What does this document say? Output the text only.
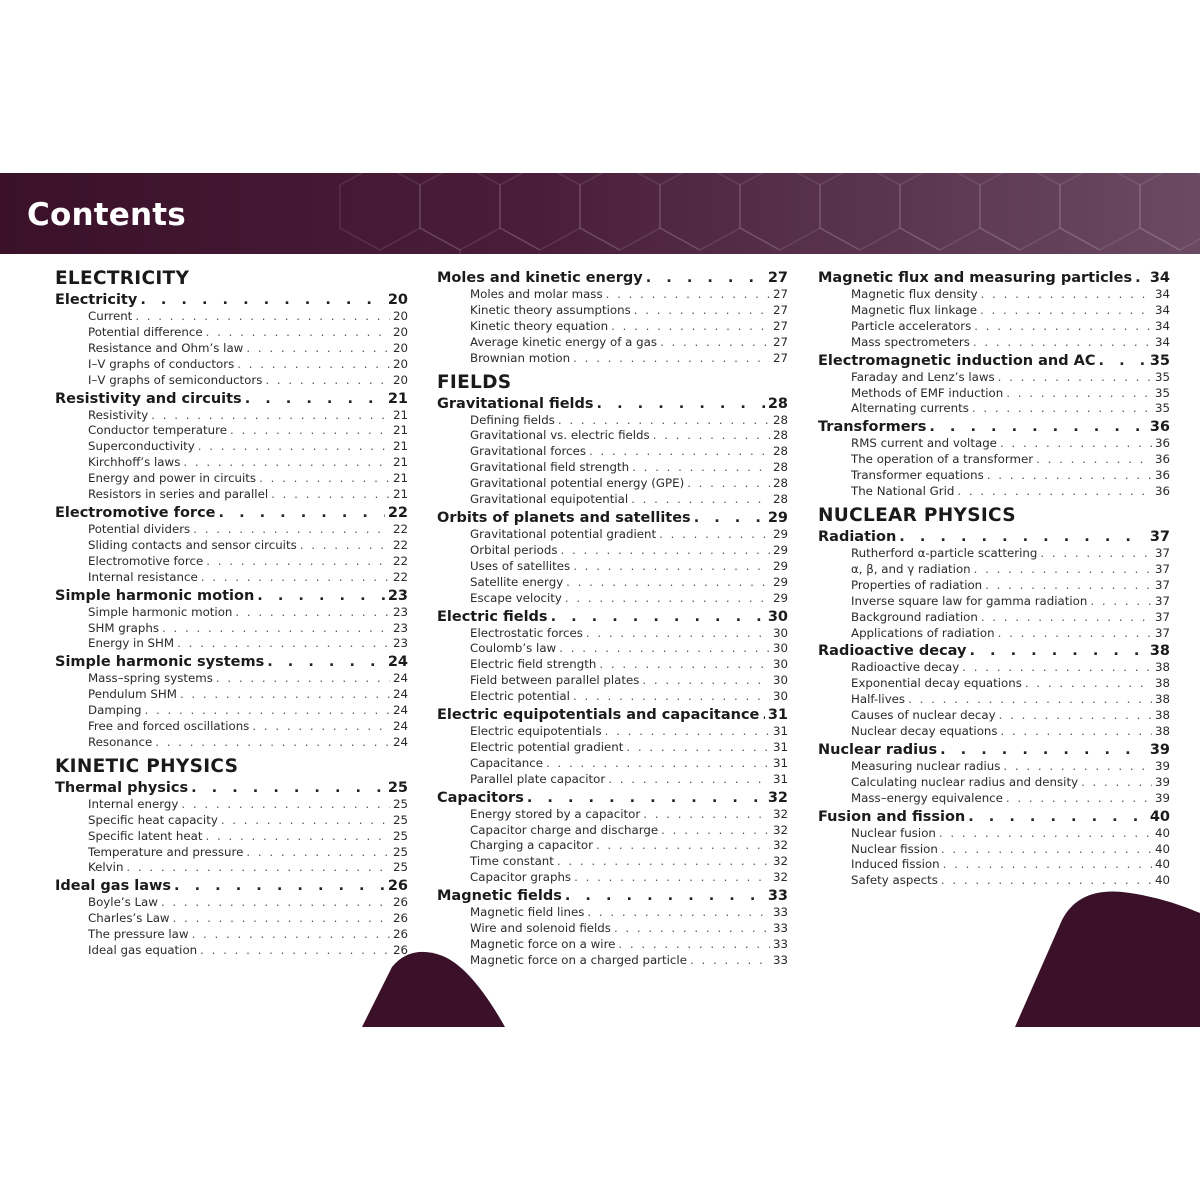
Contents
ELECTRICITY
Electricity . . .	20
Current . . .	20
Potential difference . . .	20
Resistance and Ohm’s law . . .	20
I–V graphs of conductors . . .	20
I–V graphs of semiconductors . . .	20
Resistivity and circuits . . .	21
Resistivity . . .	21
Conductor temperature . . .	21
Superconductivity . . .	21
Kirchhoff’s laws . . .	21
Energy and power in circuits . . .	21
Resistors in series and parallel . . .	21
Electromotive force . . .	22
Potential dividers . . .	22
Sliding contacts and sensor circuits . . .	22
Electromotive force . . .	22
Internal resistance . . .	22
Simple harmonic motion . . .	23
Simple harmonic motion . . .	23
SHM graphs . . .	23
Energy in SHM . . .	23
Simple harmonic systems . . .	24
Mass–spring systems . . .	24
Pendulum SHM . . .	24
Damping . . .	24
Free and forced oscillations . . .	24
Resonance . . .	24
KINETIC PHYSICS
Thermal physics . . .	25
Internal energy . . .	25
Specific heat capacity . . .	25
Specific latent heat . . .	25
Temperature and pressure . . .	25
Kelvin . . .	25
Ideal gas laws . . .	26
Boyle’s Law . . .	26
Charles’s Law . . .	26
The pressure law . . .	26
Ideal gas equation . . .	26
Moles and kinetic energy . . .	27
Moles and molar mass . . .	27
Kinetic theory assumptions . . .	27
Kinetic theory equation . . .	27
Average kinetic energy of a gas . . .	27
Brownian motion . . .	27
FIELDS
Gravitational fields . . .	28
Defining fields . . .	28
Gravitational vs. electric fields . . .	28
Gravitational forces . . .	28
Gravitational field strength . . .	28
Gravitational potential energy (GPE) . . .	28
Gravitational equipotential . . .	28
Orbits of planets and satellites . . .	29
Gravitational potential gradient . . .	29
Orbital periods . . .	29
Uses of satellites . . .	29
Satellite energy . . .	29
Escape velocity . . .	29
Electric fields . . .	30
Electrostatic forces . . .	30
Coulomb’s law . . .	30
Electric field strength . . .	30
Field between parallel plates . . .	30
Electric potential . . .	30
Electric equipotentials and capacitance . . . 31
Electric equipotentials . . .	31
Electric potential gradient . . .	31
Capacitance . . .	31
Parallel plate capacitor . . .	31
Capacitors . . .	32
Energy stored by a capacitor . . .	32
Capacitor charge and discharge . . .	32
Charging a capacitor . . .	32
Time constant . . .	32
Capacitor graphs . . .	32
Magnetic fields . . .	33
Magnetic field lines . . .	33
Wire and solenoid fields . . .	33
Magnetic force on a wire . . .	33
Magnetic force on a charged particle . . .	33
Magnetic flux and measuring particles . . . 34
Magnetic flux density . . .	34
Magnetic flux linkage . . .	34
Particle accelerators . . .	34
Mass spectrometers . . .	34
Electromagnetic induction and AC . . .	35
Faraday and Lenz’s laws . . .	35
Methods of EMF induction . . .	35
Alternating currents . . .	35
Transformers . . .	36
RMS current and voltage . . .	36
The operation of a transformer . . .	36
Transformer equations . . .	36
The National Grid . . .	36
NUCLEAR PHYSICS
Radiation . . .	37
Rutherford α-particle scattering . . .	37
α, β, and γ radiation . . .	37
Properties of radiation . . .	37
Inverse square law for gamma radiation . . .	37
Background radiation . . .	37
Applications of radiation . . .	37
Radioactive decay . . .	38
Radioactive decay . . .	38
Exponential decay equations . . .	38
Half-lives . . .	38
Causes of nuclear decay . . .	38
Nuclear decay equations . . .	38
Nuclear radius . . .	39
Measuring nuclear radius . . .	39
Calculating nuclear radius and density . . .	39
Mass–energy equivalence . . .	39
Fusion and fission . . .	40
Nuclear fusion . . .	40
Nuclear fission . . .	40
Induced fission . . .	40
Safety aspects . . .	40
